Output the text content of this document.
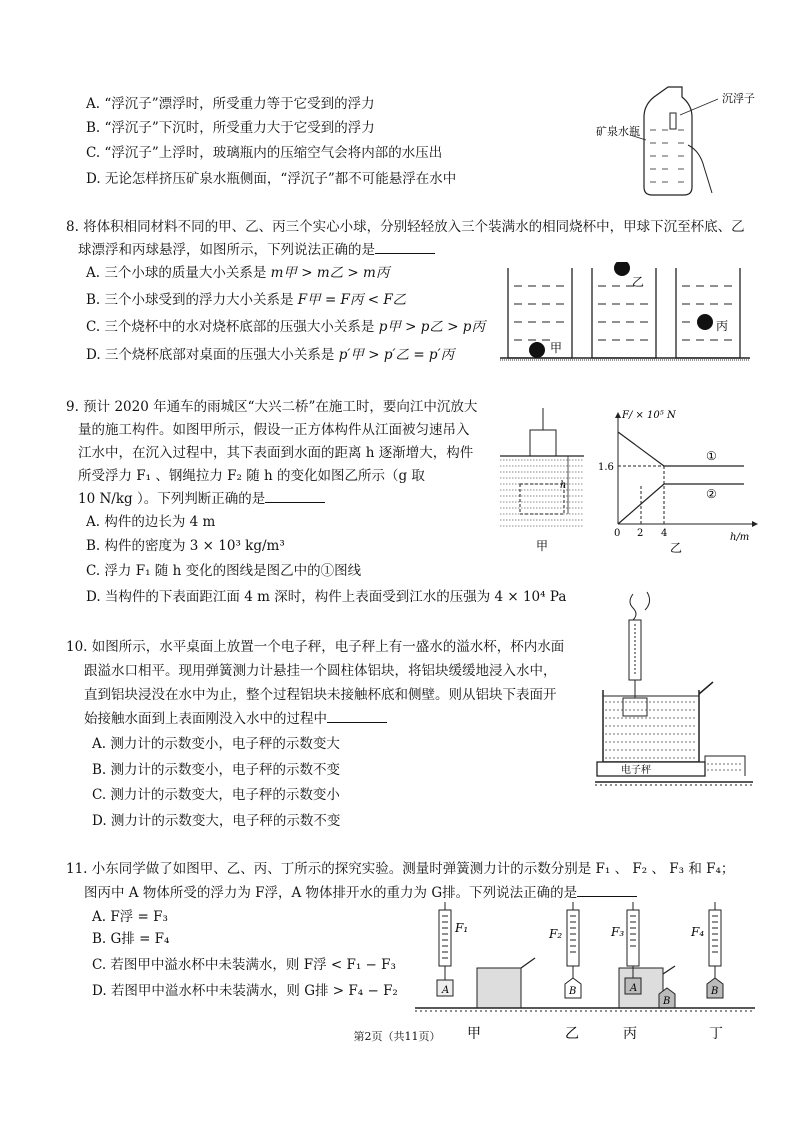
A. “浮沉子”漂浮时，所受重力等于它受到的浮力
B. “浮沉子”下沉时，所受重力大于它受到的浮力
C. “浮沉子”上浮时，玻璃瓶内的压缩空气会将内部的水压出
D. 无论怎样挤压矿泉水瓶侧面，“浮沉子”都不可能悬浮在水中
沉浮子
矿泉水瓶
8. 将体积相同材料不同的甲、乙、丙三个实心小球，分别轻轻放入三个装满水的相同烧杯中，甲球下沉至杯底、乙
球漂浮和丙球悬浮，如图所示，下列说法正确的是
A. 三个小球的质量大小关系是 m甲 > m乙 > m丙
B. 三个小球受到的浮力大小关系是 F甲 = F丙 < F乙
C. 三个烧杯中的水对烧杯底部的压强大小关系是 p甲 > p乙 > p丙
D. 三个烧杯底部对桌面的压强大小关系是 p′甲 > p′乙 = p′丙	甲
乙
丙
9. 预计 2020 年通车的雨城区“大兴二桥”在施工时，要向江中沉放大
量的施工构件。如图甲所示，假设一正方体构件从江面被匀速吊入
江水中，在沉入过程中，其下表面到水面的距离 h 逐渐增大，构件
所受浮力 F₁ 、钢绳拉力 F₂ 随 h 的变化如图乙所示（g 取
10 N/kg ）。下列判断正确的是
A. 构件的边长为 4 m
B. 构件的密度为 3 × 10³ kg/m³
C. 浮力 F₁ 随 h 变化的图线是图乙中的①图线
D. 当构件的下表面距江面 4 m 深时，构件上表面受到江水的压强为 4 × 10⁴ Pa
h
甲
F/ × 10⁵ N
h/m
1.6
0 2 4
①
②
乙
10. 如图所示，水平桌面上放置一个电子秤，电子秤上有一盛水的溢水杯，杯内水面
跟溢水口相平。现用弹簧测力计悬挂一个圆柱体铝块，将铝块缓缓地浸入水中，
直到铝块浸没在水中为止，整个过程铝块未接触杯底和侧壁。则从铝块下表面开
始接触水面到上表面刚没入水中的过程中
A. 测力计的示数变小，电子秤的示数变大
B. 测力计的示数变小，电子秤的示数不变
C. 测力计的示数变大，电子秤的示数变小
D. 测力计的示数变大，电子秤的示数不变
电子秤
11. 小东同学做了如图甲、乙、丙、丁所示的探究实验。测量时弹簧测力计的示数分别是 F₁ 、 F₂ 、 F₃ 和 F₄；
图丙中 A 物体所受的浮力为 F浮，A 物体排开水的重力为 G排。下列说法正确的是
A. F浮 = F₃
B. G排 = F₄
C. 若图甲中溢水杯中未装满水，则 F浮 < F₁ − F₃
D. 若图甲中溢水杯中未装满水，则 G排 > F₄ − F₂	A
F₁
B
F₂
A
B
F₃
B
F₄
甲	乙	丙	丁
第2页（共11页）
